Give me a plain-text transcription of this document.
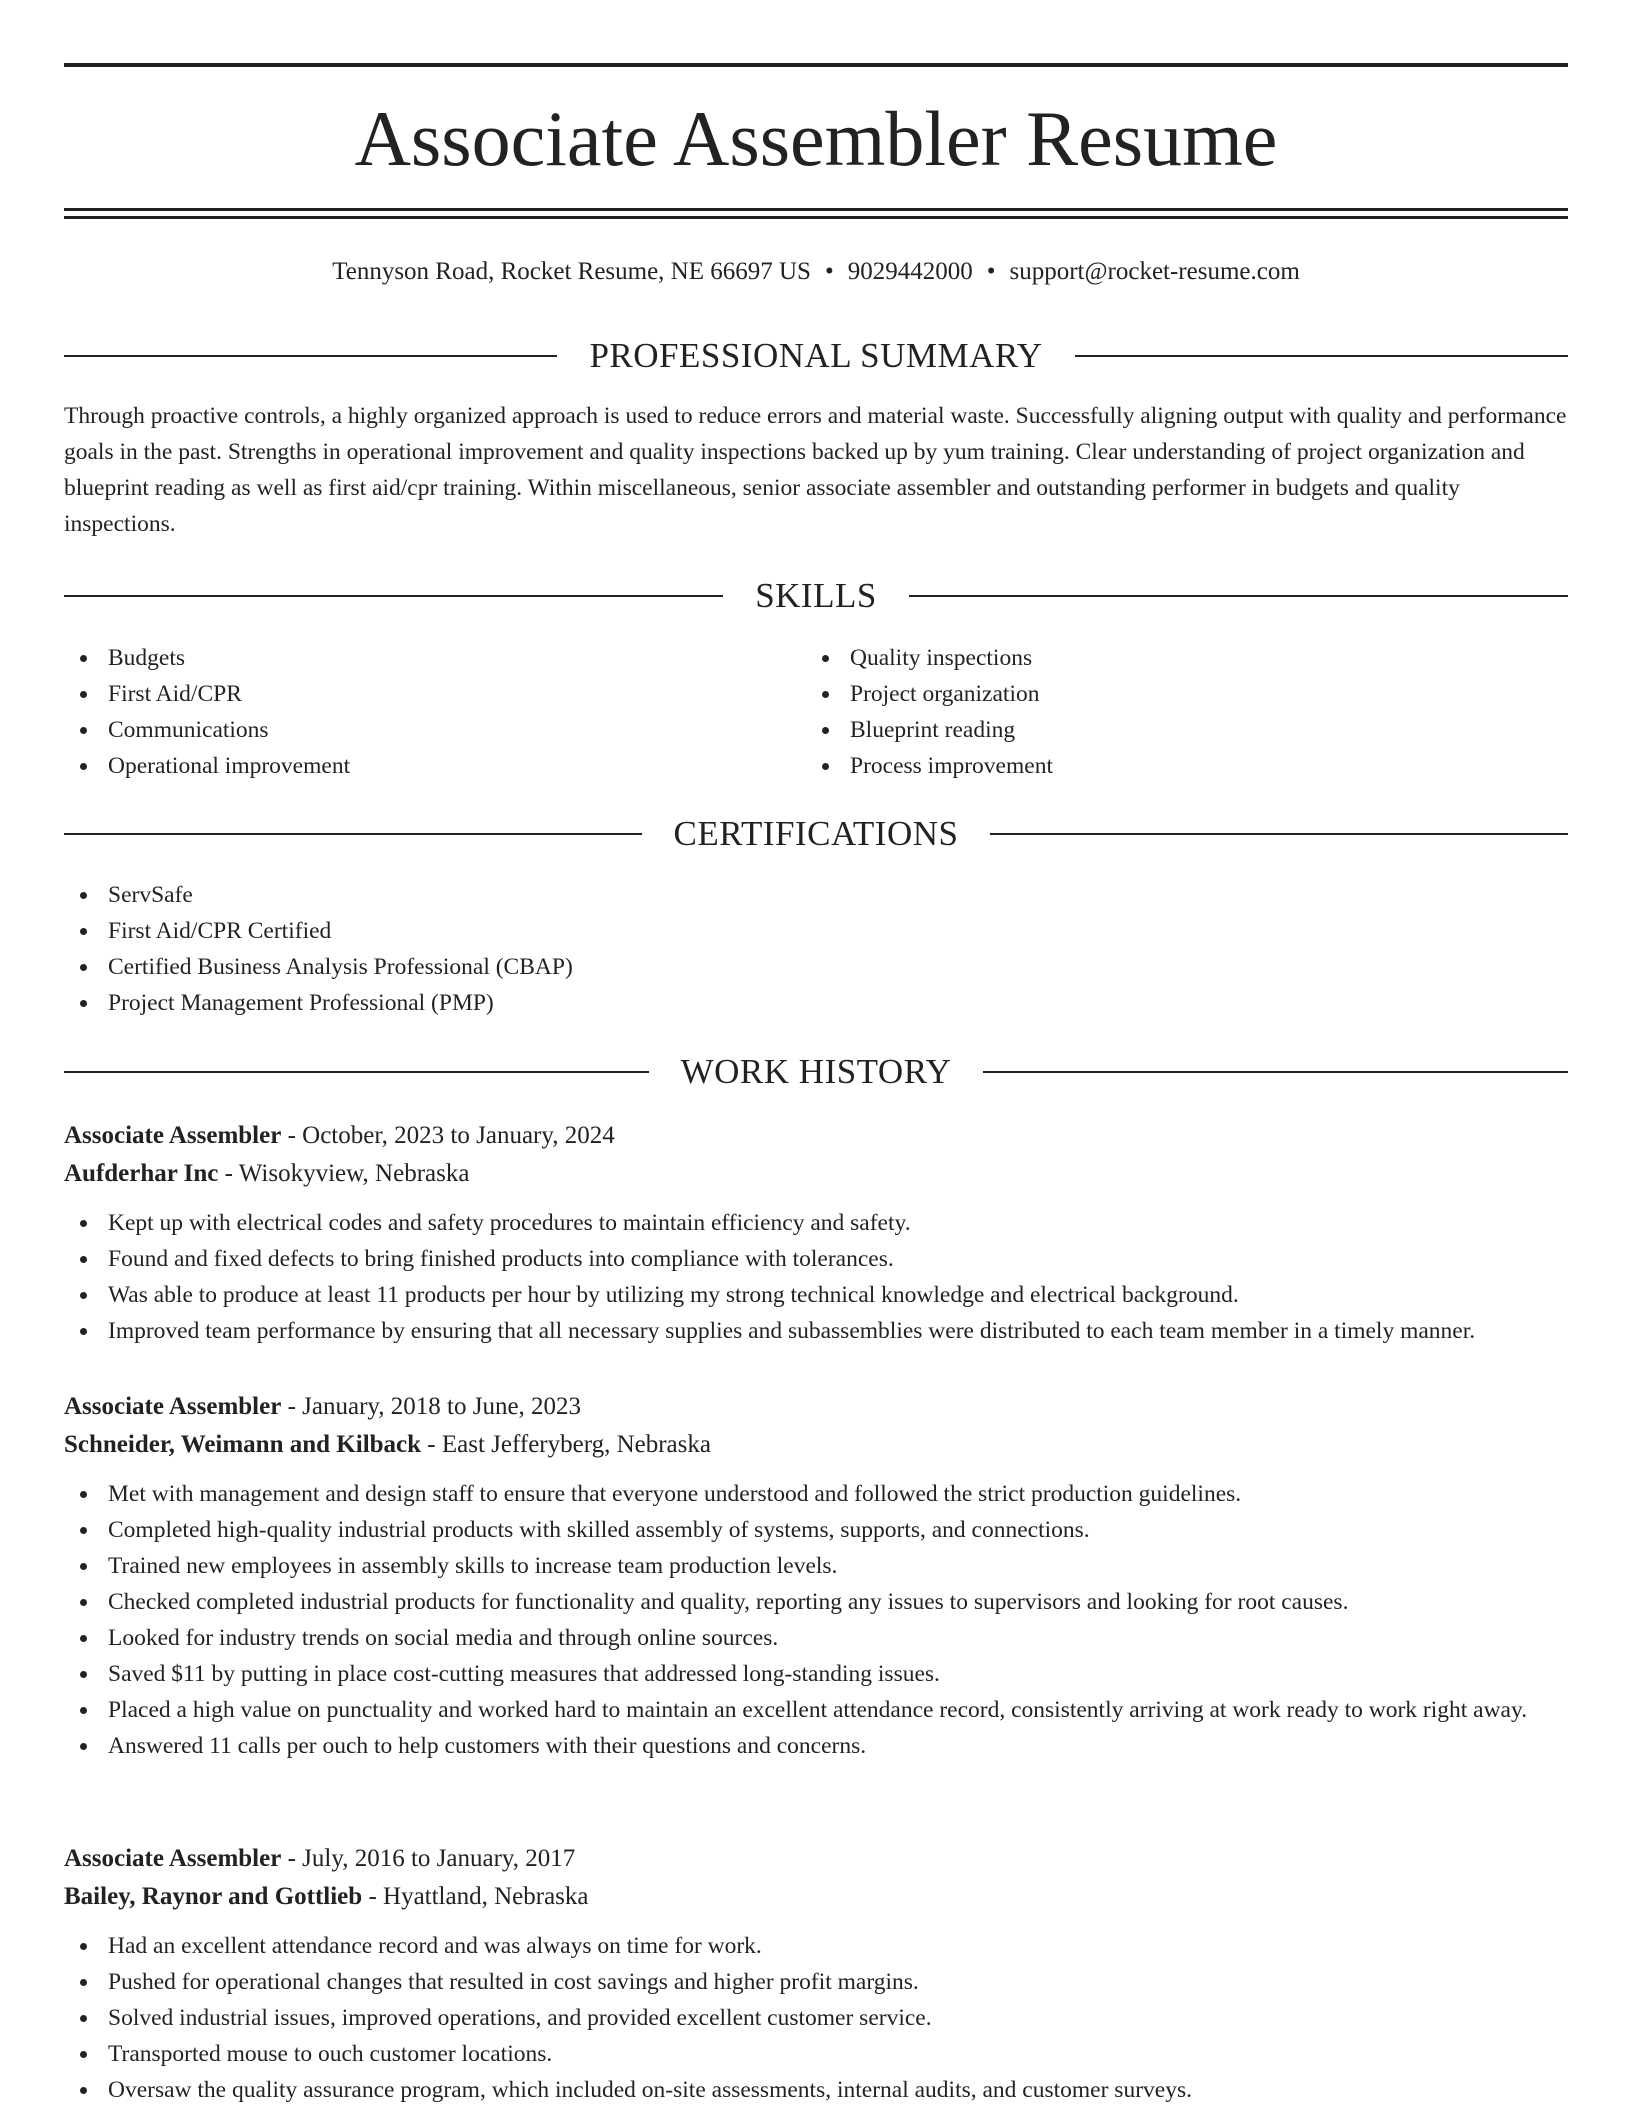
Associate Assembler Resume
Tennyson Road, Rocket Resume, NE 66697 US • 9029442000 • support@rocket-resume.com
PROFESSIONAL SUMMARY

Through proactive controls, a highly organized approach is used to reduce errors and material waste. Successfully aligning output with quality and performance goals in the past. Strengths in operational improvement and quality inspections backed up by yum training. Clear understanding of project organization and blueprint reading as well as first aid/cpr training. Within miscellaneous, senior associate assembler and outstanding performer in budgets and quality inspections.

SKILLS
Budgets
First Aid/CPR
Communications
Operational improvement
Quality inspections
Project organization
Blueprint reading
Process improvement
CERTIFICATIONS
ServSafe
First Aid/CPR Certified
Certified Business Analysis Professional (CBAP)
Project Management Professional (PMP)
WORK HISTORY
Associate Assembler - October, 2023 to January, 2024
Aufderhar Inc - Wisokyview, Nebraska
Kept up with electrical codes and safety procedures to maintain efficiency and safety.
Found and fixed defects to bring finished products into compliance with tolerances.
Was able to produce at least 11 products per hour by utilizing my strong technical knowledge and electrical background.
Improved team performance by ensuring that all necessary supplies and subassemblies were distributed to each team member in a timely manner.
Associate Assembler - January, 2018 to June, 2023
Schneider, Weimann and Kilback - East Jefferyberg, Nebraska
Met with management and design staff to ensure that everyone understood and followed the strict production guidelines.
Completed high-quality industrial products with skilled assembly of systems, supports, and connections.
Trained new employees in assembly skills to increase team production levels.
Checked completed industrial products for functionality and quality, reporting any issues to supervisors and looking for root causes.
Looked for industry trends on social media and through online sources.
Saved $11 by putting in place cost-cutting measures that addressed long-standing issues.
Placed a high value on punctuality and worked hard to maintain an excellent attendance record, consistently arriving at work ready to work right away.
Answered 11 calls per ouch to help customers with their questions and concerns.
Associate Assembler - July, 2016 to January, 2017
Bailey, Raynor and Gottlieb - Hyattland, Nebraska
Had an excellent attendance record and was always on time for work.
Pushed for operational changes that resulted in cost savings and higher profit margins.
Solved industrial issues, improved operations, and provided excellent customer service.
Transported mouse to ouch customer locations.
Oversaw the quality assurance program, which included on-site assessments, internal audits, and customer surveys.
